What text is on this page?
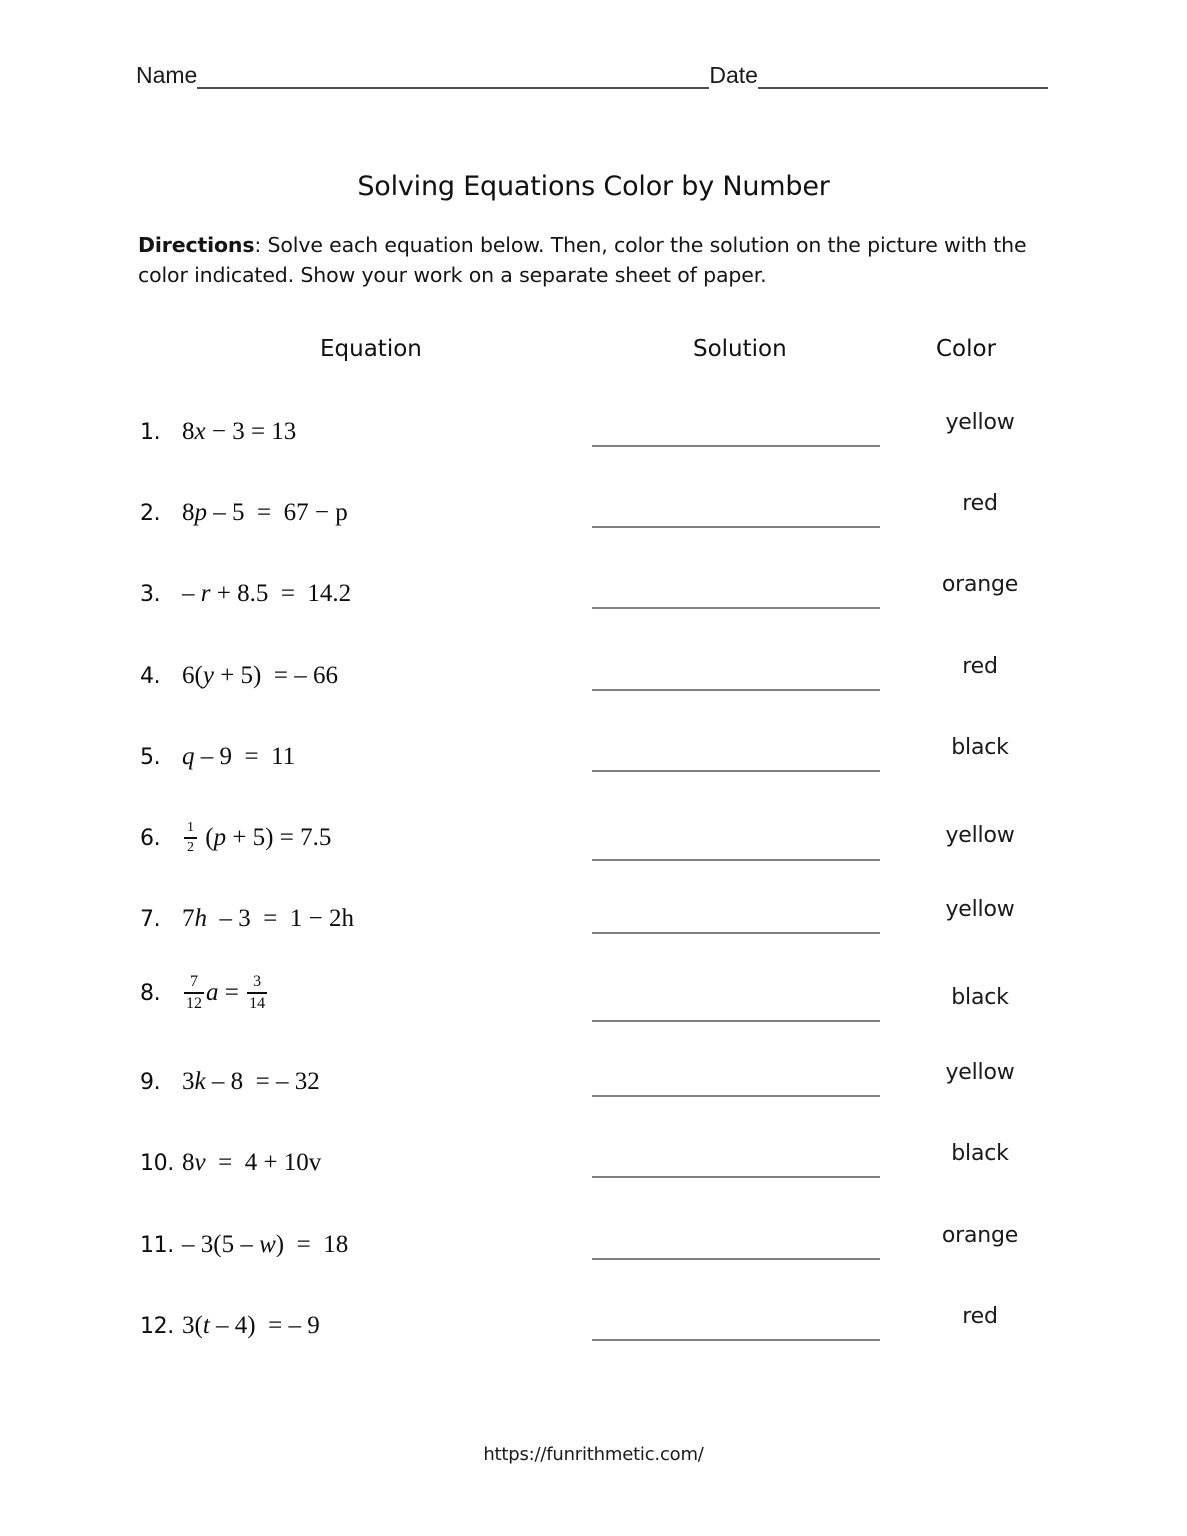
Name	Date
Solving Equations Color by Number
Directions: Solve each equation below. Then, color the solution on the picture with the color indicated. Show your work on a separate sheet of paper.
Equation	Solution	Color
1. 8 x − 3 = 13	yellow
2. 8 p – 5  =  67 − p	red
3. – r + 8.5  =  14.2	orange
4. 6( y + 5)  = – 66	red
5. q – 9  =  11	black
6.	$\frac{1}{2}$ ( p + 5) = 7.5	yellow
7. 7 h – 3  =  1 − 2h	yellow
8.	$\frac{7}{12}$ $a = \frac{3}{14}$	black
9. 3 k – 8  = – 32	yellow
10. 8 v =  4 + 10v	black
11. – 3(5 – w )  =  18	orange
12. 3( t – 4)  = – 9	red
https://funrithmetic.com/
